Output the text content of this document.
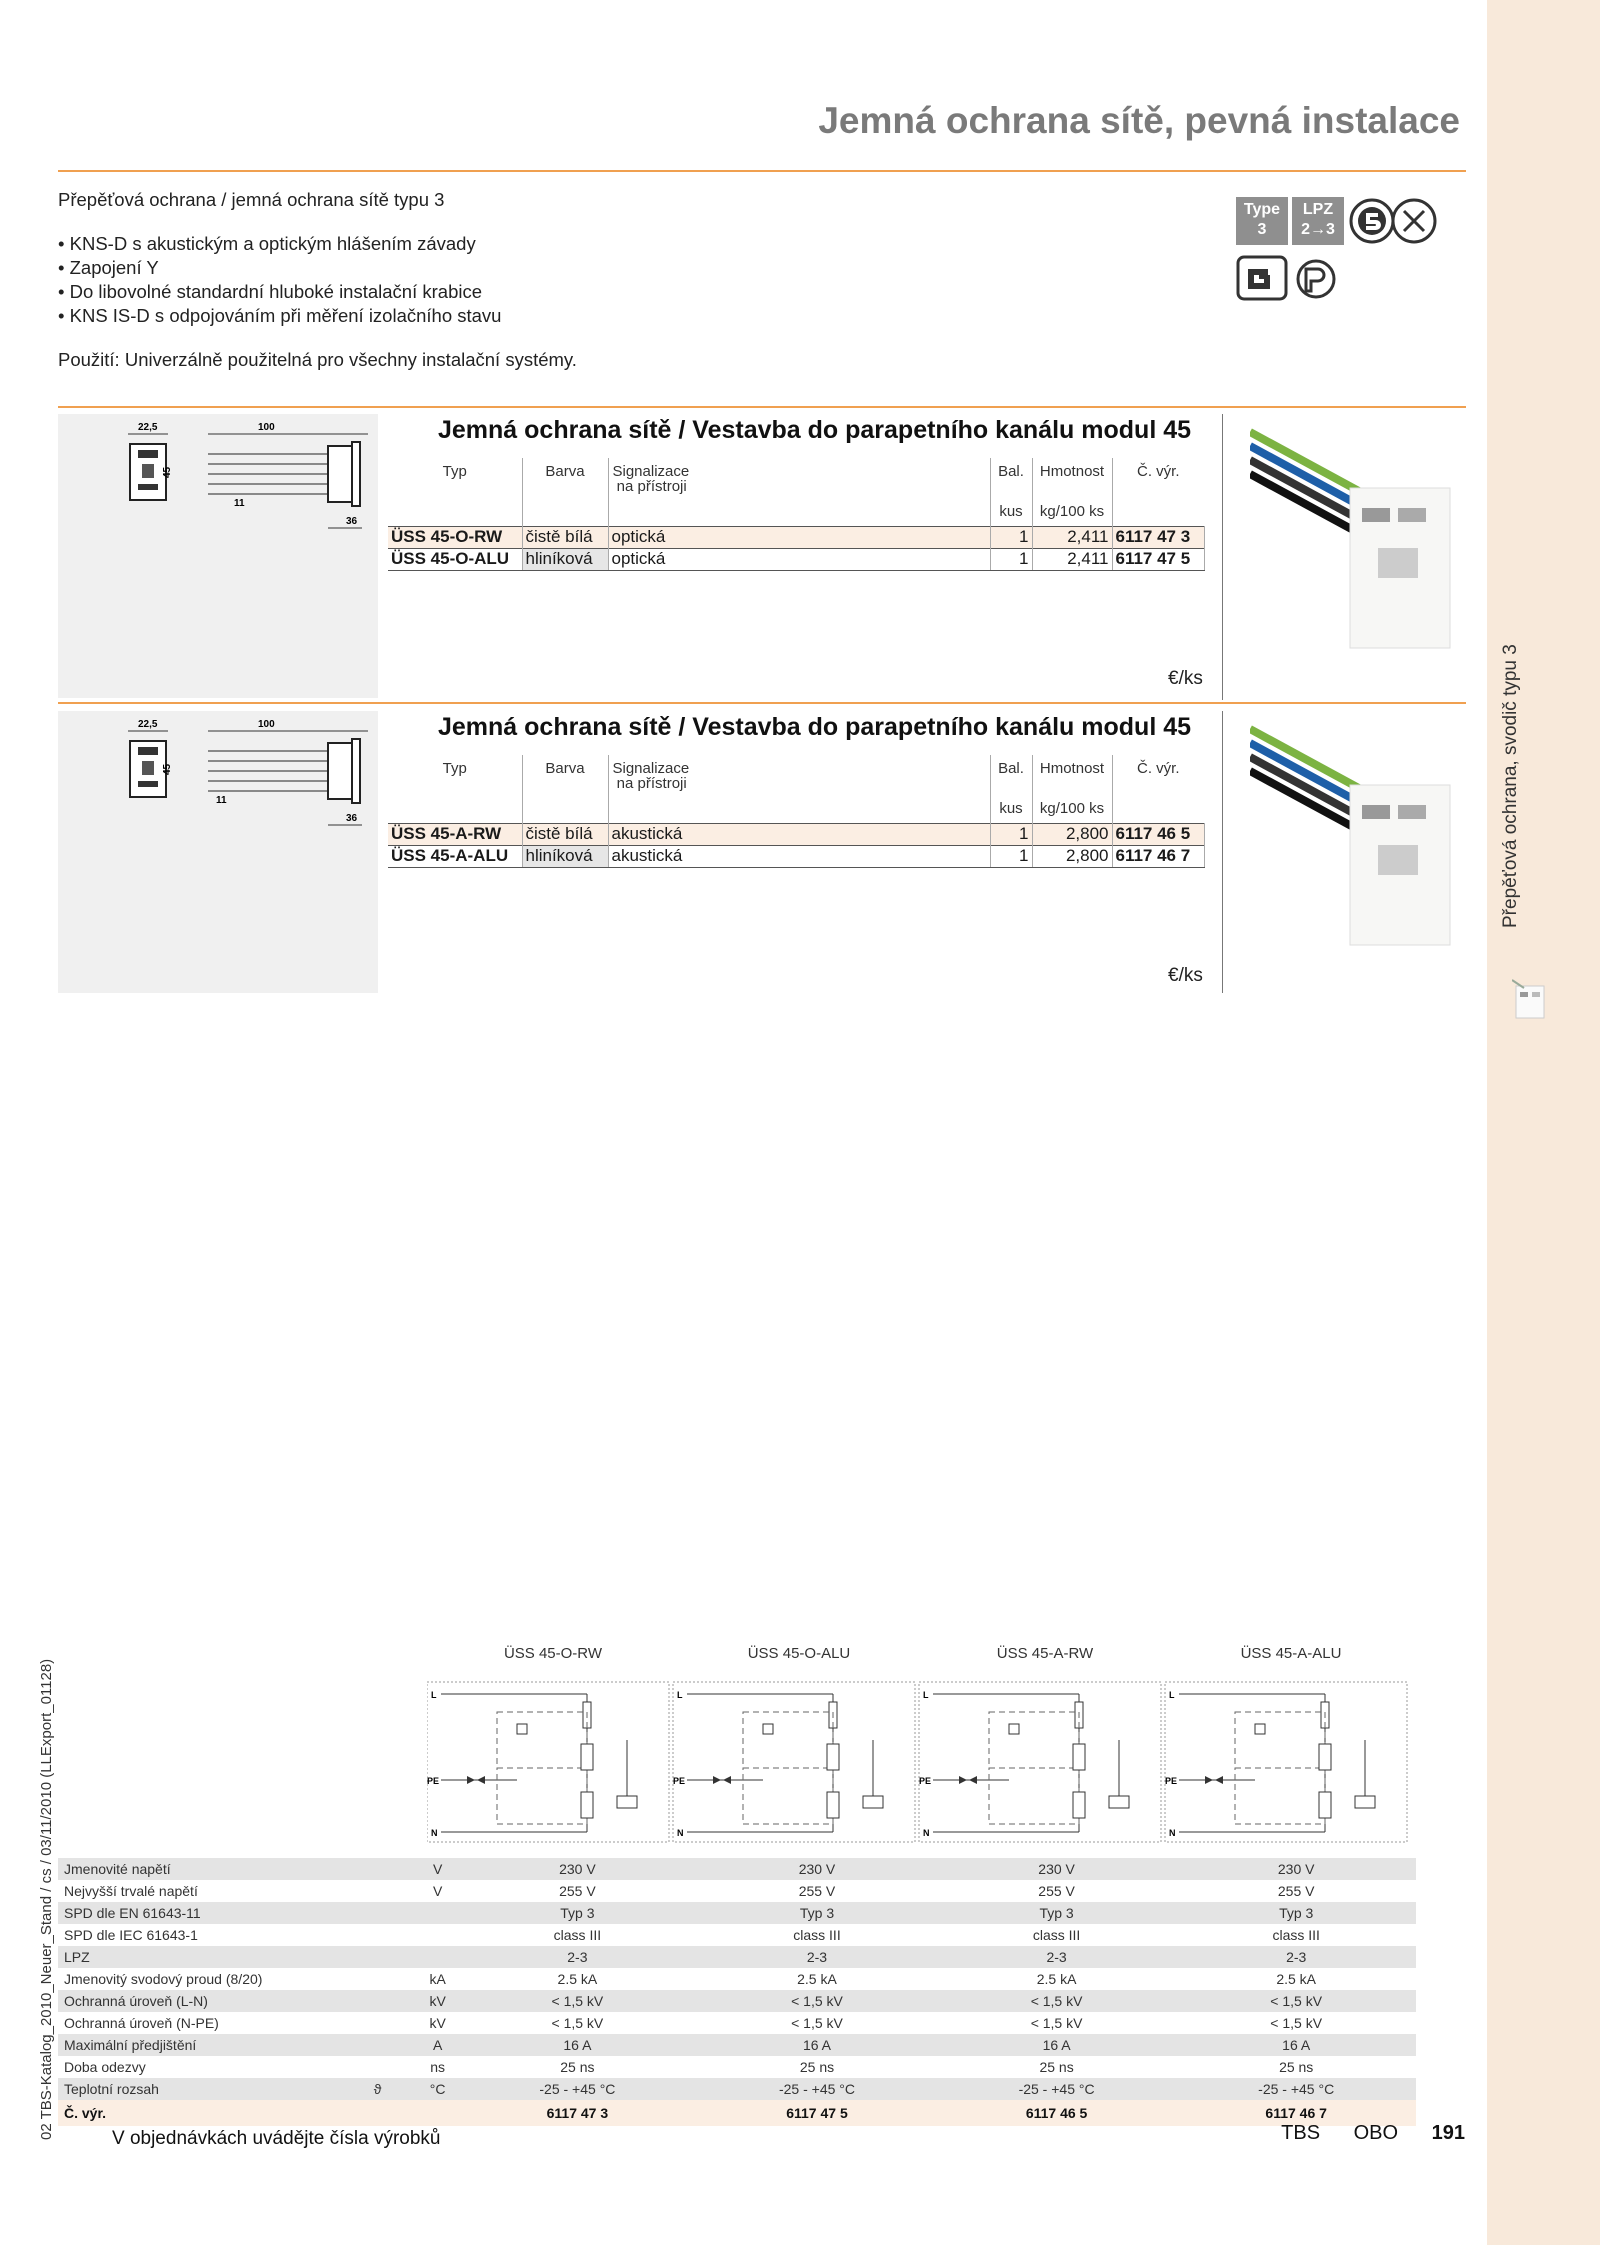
Přepěťová ochrana, svodič typu 3
02 TBS-Katalog_2010_Neuer_Stand / cs / 03/11/2010 (LLExport_01128)
Jemná ochrana sítě, pevná instalace
Přepěťová ochrana / jemná ochrana sítě typu 3
• KNS-D s akustickým a optickým hlášením závady
• Zapojení Y
• Do libovolné standardní hluboké instalační krabice
• KNS IS-D s odpojováním při měření izolačního stavu
Použití: Univerzálně použitelná pro všechny instalační systémy.
Type
3
LPZ
2→3
22,5	100
45
11
36
Jemná ochrana sítě / Vestavba do parapetního kanálu modul 45
Typ	Barva	Signalizace
na přístroji	Bal.	Hmotnost	Č. výr.
			kus	kg/100 ks	
ÜSS 45-O-RW	čistě bílá	optická	1	2,411	6117 47 3
ÜSS 45-O-ALU	hliníková	optická	1	2,411	6117 47 5
€/ks
22,5	100
45
11
36
Jemná ochrana sítě / Vestavba do parapetního kanálu modul 45
Typ	Barva	Signalizace
na přístroji	Bal.	Hmotnost	Č. výr.
			kus	kg/100 ks	
ÜSS 45-A-RW	čistě bílá	akustická	1	2,800	6117 46 5
ÜSS 45-A-ALU	hliníková	akustická	1	2,800	6117 46 7
€/ks
ÜSS 45-O-RW	ÜSS 45-O-ALU	ÜSS 45-A-RW	ÜSS 45-A-ALU
L
PE
N
Jmenovité napětí		V	230 V	230 V	230 V	230 V
Nejvyšší trvalé napětí		V	255 V	255 V	255 V	255 V
SPD dle EN 61643-11			Typ 3	Typ 3	Typ 3	Typ 3
SPD dle IEC 61643-1			class III	class III	class III	class III
LPZ			2-3	2-3	2-3	2-3
Jmenovitý svodový proud (8/20)		kA	2.5 kA	2.5 kA	2.5 kA	2.5 kA
Ochranná úroveň (L-N)		kV	< 1,5 kV	< 1,5 kV	< 1,5 kV	< 1,5 kV
Ochranná úroveň (N-PE)		kV	< 1,5 kV	< 1,5 kV	< 1,5 kV	< 1,5 kV
Maximální předjištění		A	16 A	16 A	16 A	16 A
Doba odezvy		ns	25 ns	25 ns	25 ns	25 ns
Teplotní rozsah	ϑ	°C	-25 - +45 °C	-25 - +45 °C	-25 - +45 °C	-25 - +45 °C
Č. výr.			6117 47 3	6117 47 5	6117 46 5	6117 46 7
V objednávkách uvádějte čísla výrobků	TBS OBO 191
